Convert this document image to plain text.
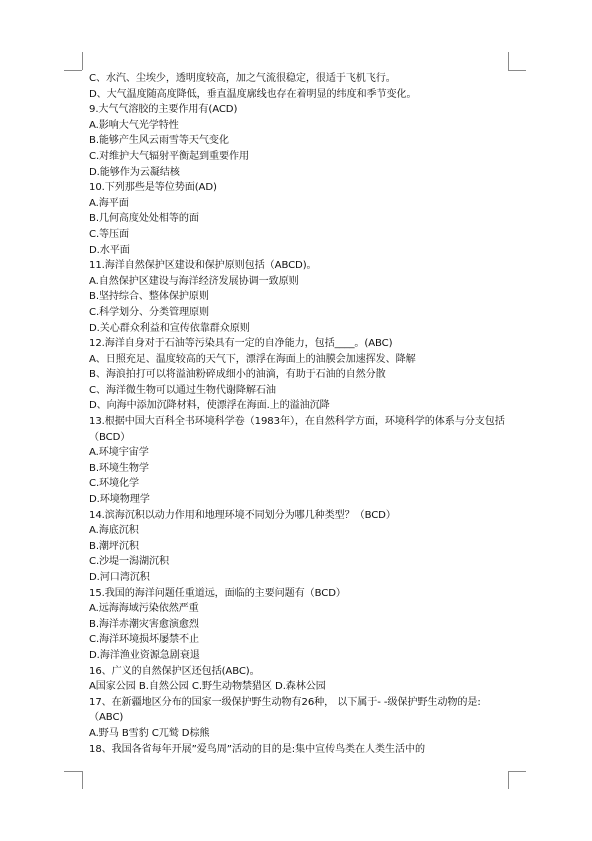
C、水汽、尘埃少，透明度较高，加之气流很稳定，很适于飞机飞行。
D、大气温度随高度降低，垂直温度廓线也存在着明显的纬度和季节变化。
9.大气气溶胶的主要作用有(ACD)
A.影响大气光学特性
B.能够产生风云雨雪等天气变化
C.对维护大气辐射平衡起到重要作用
D.能够作为云凝结核
10.下列那些是等位势面(AD)
A.海平面
B.几何高度处处相等的面
C.等压面
D.水平面
11.海洋自然保护区建设和保护原则包括（ABCD)。
A.自然保护区建设与海洋经济发展协调一致原则
B.坚持综合、整体保护原则
C.科学划分、分类管理原则
D.关心群众利益和宣传依靠群众原则
12.海洋自身对于石油等污染具有一定的自净能力，包括____。(ABC)
A、日照充足、温度较高的天气下，漂浮在海面上的油膜会加速挥发、降解
B、海浪拍打可以将溢油粉碎成细小的油滴，有助于石油的自然分散
C、海洋微生物可以通过生物代谢降解石油
D、向海中添加沉降材料，使漂浮在海面.上的溢油沉降
13.根据中国大百科全书环境科学卷（1983年），在自然科学方面，环境科学的体系与分支包括（BCD）
A.环境宇宙学
B.环境生物学
C.环境化学
D.环境物理学
14.滨海沉积以动力作用和地理环境不同划分为哪几种类型？（BCD）
A.海底沉积
B.潮坪沉积
C.沙堤一潟湖沉积
D.河口湾沉积
15.我国的海洋问题任重道远，面临的主要问题有（BCD）
A.远海海域污染依然严重
B.海洋赤潮灾害愈演愈烈
C.海洋环境损坏屡禁不止
D.海洋渔业资源急剧衰退
16、广义的自然保护区还包括(ABC)。
A国家公园 B.自然公园 C.野生动物禁猎区 D.森林公园
17、在新疆地区分布的国家一级保护野生动物有26种， 以下属于- -级保护野生动物的是:（ABC)
A.野马 B雪豹 C兀鹫 D棕熊
18、我国各省每年开展”爱鸟周”活动的目的是:集中宣传鸟类在人类生活中的
